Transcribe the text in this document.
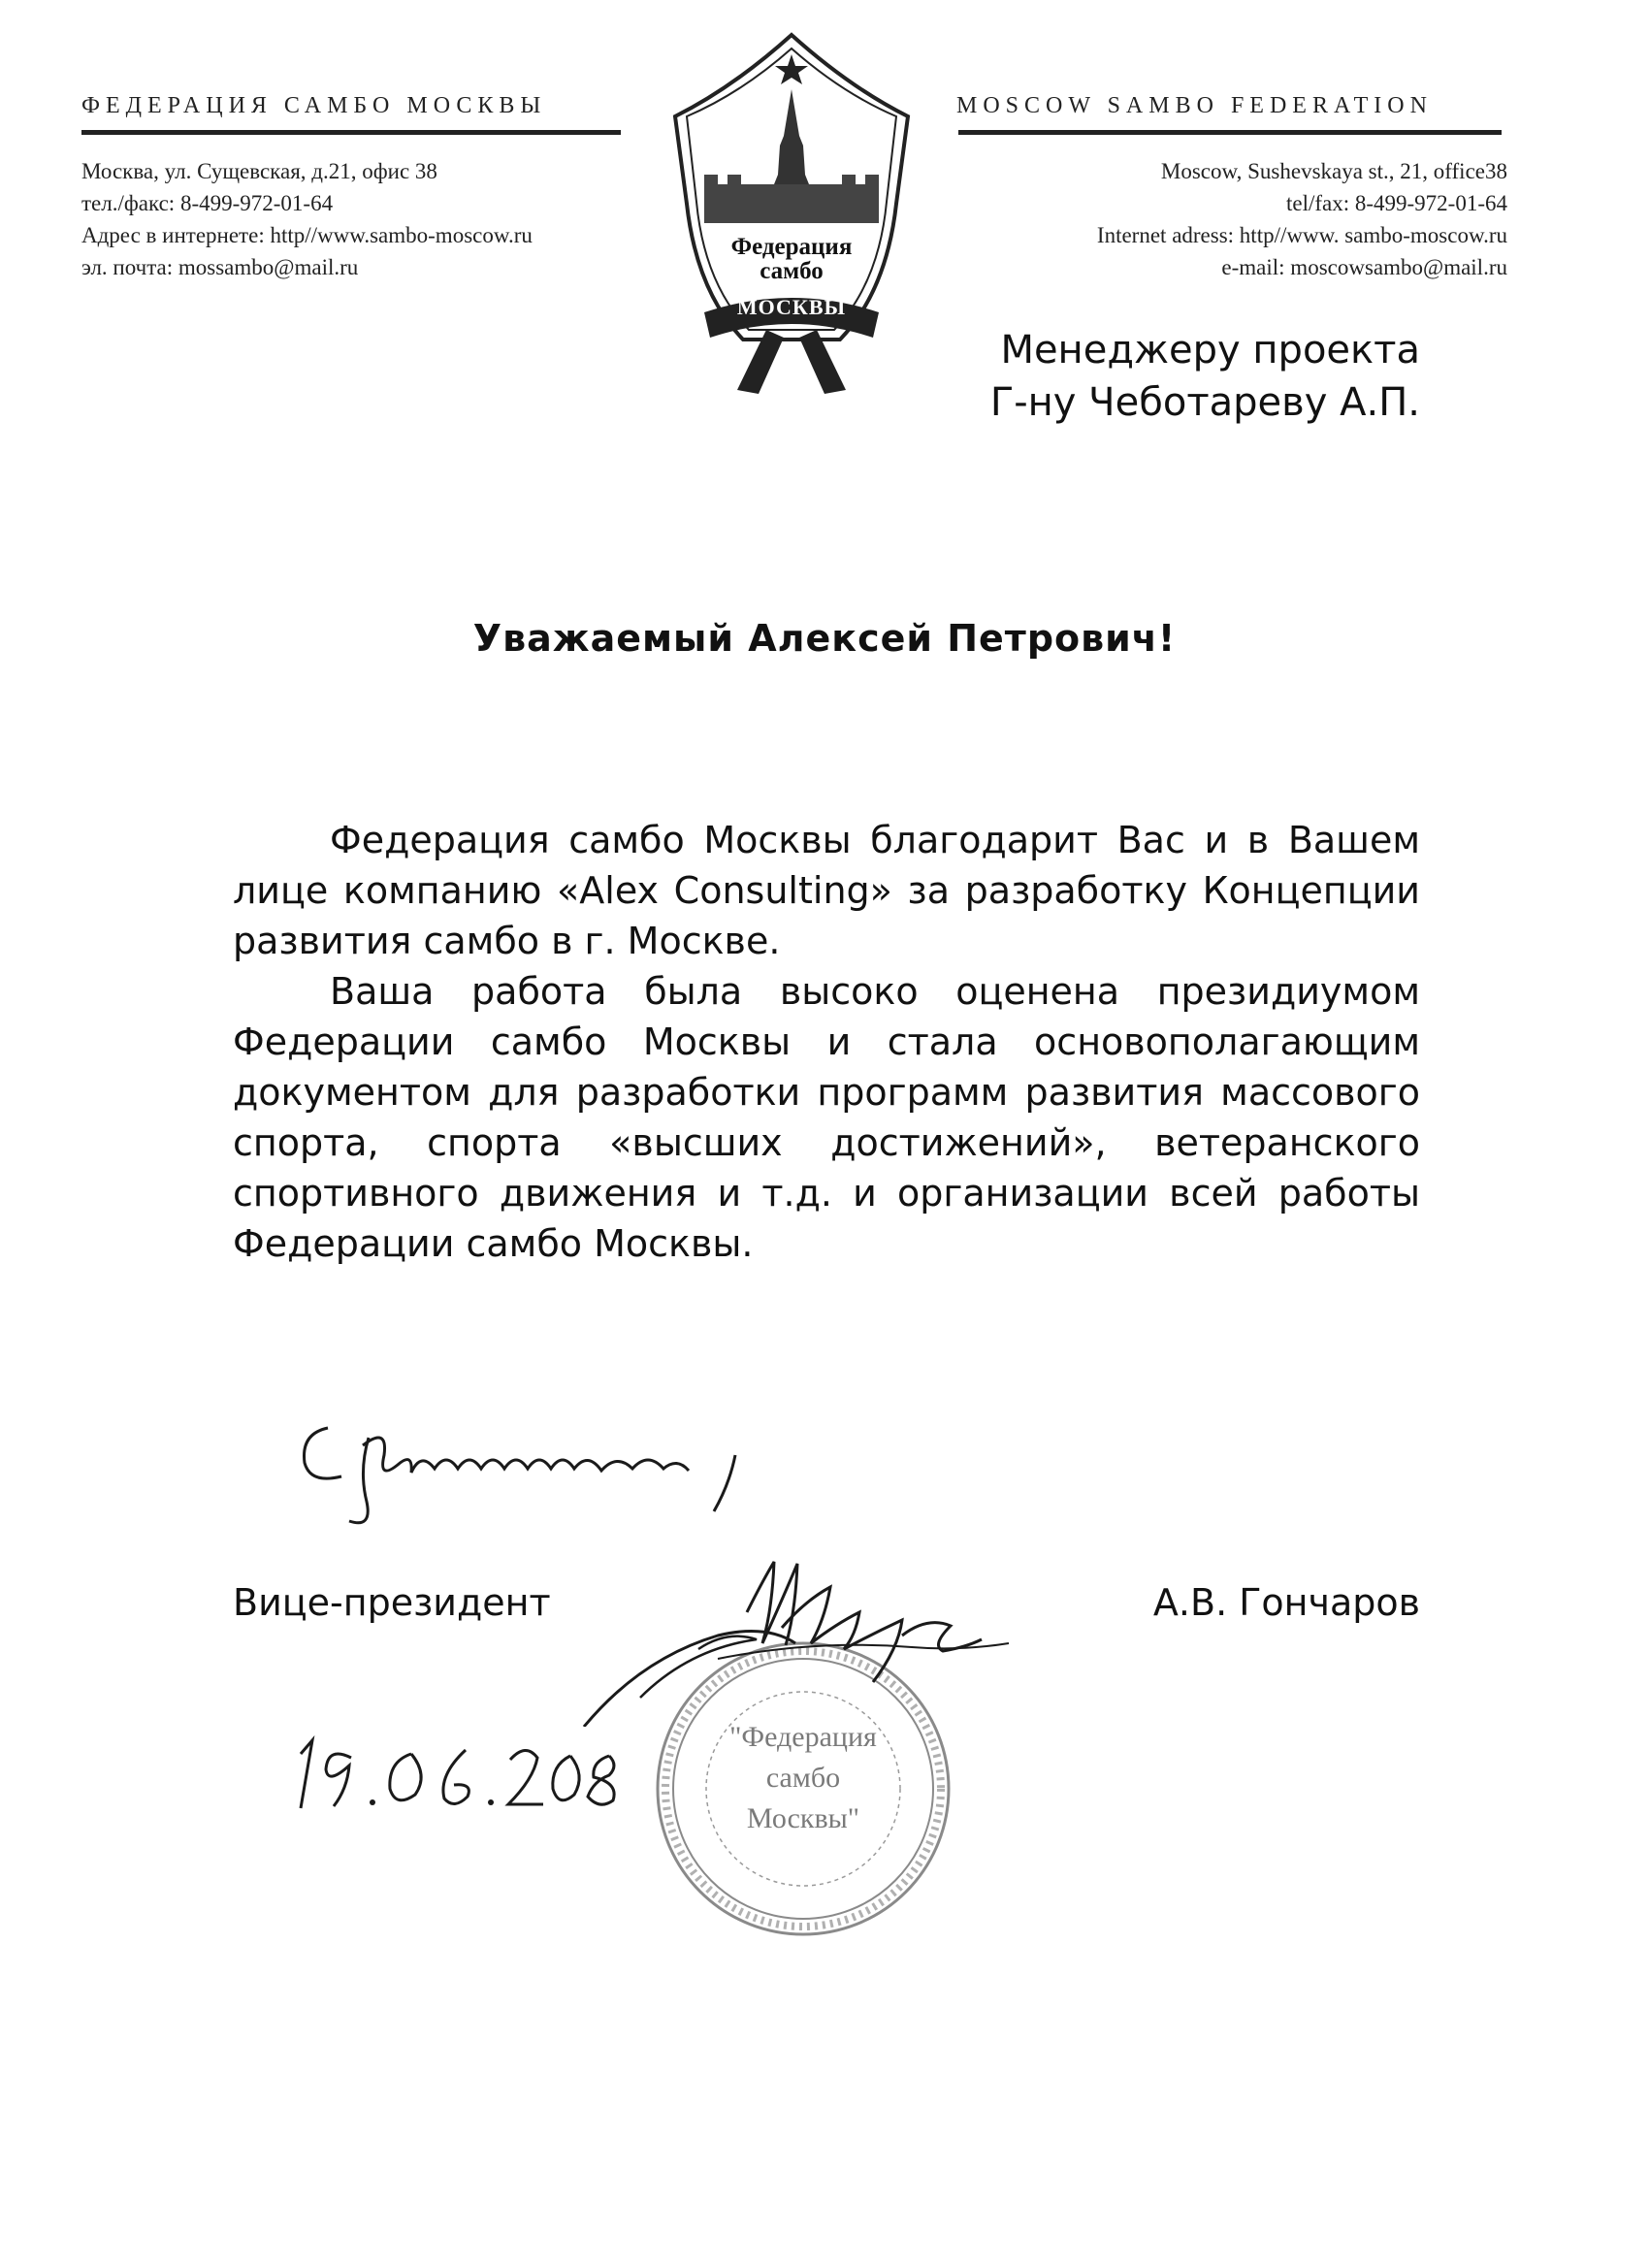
ФЕДЕРАЦИЯ САМБО МОСКВЫ
Москва, ул. Сущевская, д.21, офис 38
тел./факс: 8-499-972-01-64
Адрес в интернете: http//www.sambo-moscow.ru
эл. почта: mossambo@mail.ru
Федерация
самбо
МОСКВЫ
MOSCOW SAMBO FEDERATION
Moscow, Sushevskaya st., 21, office38
tel/fax: 8-499-972-01-64
Internet adress: http//www. sambo-moscow.ru
e-mail: moscowsambo@mail.ru
Менеджеру проекта
Г-ну Чеботареву А.П.
Уважаемый Алексей Петрович!

Федерация самбо Москвы благодарит Вас и в Вашем лице компанию «Alex Consulting» за разработку Концепции развития самбо в г. Москве.

Ваша работа была высоко оценена президиумом Федерации самбо Москвы и стала основополагающим документом для разработки программ развития массового спорта, спорта «высших достижений», ветеранского спортивного движения и т.д. и организации всей работы Федерации самбо Москвы.

Вице-президент	А.В. Гончаров
"Федерация
самбо
Москвы"
